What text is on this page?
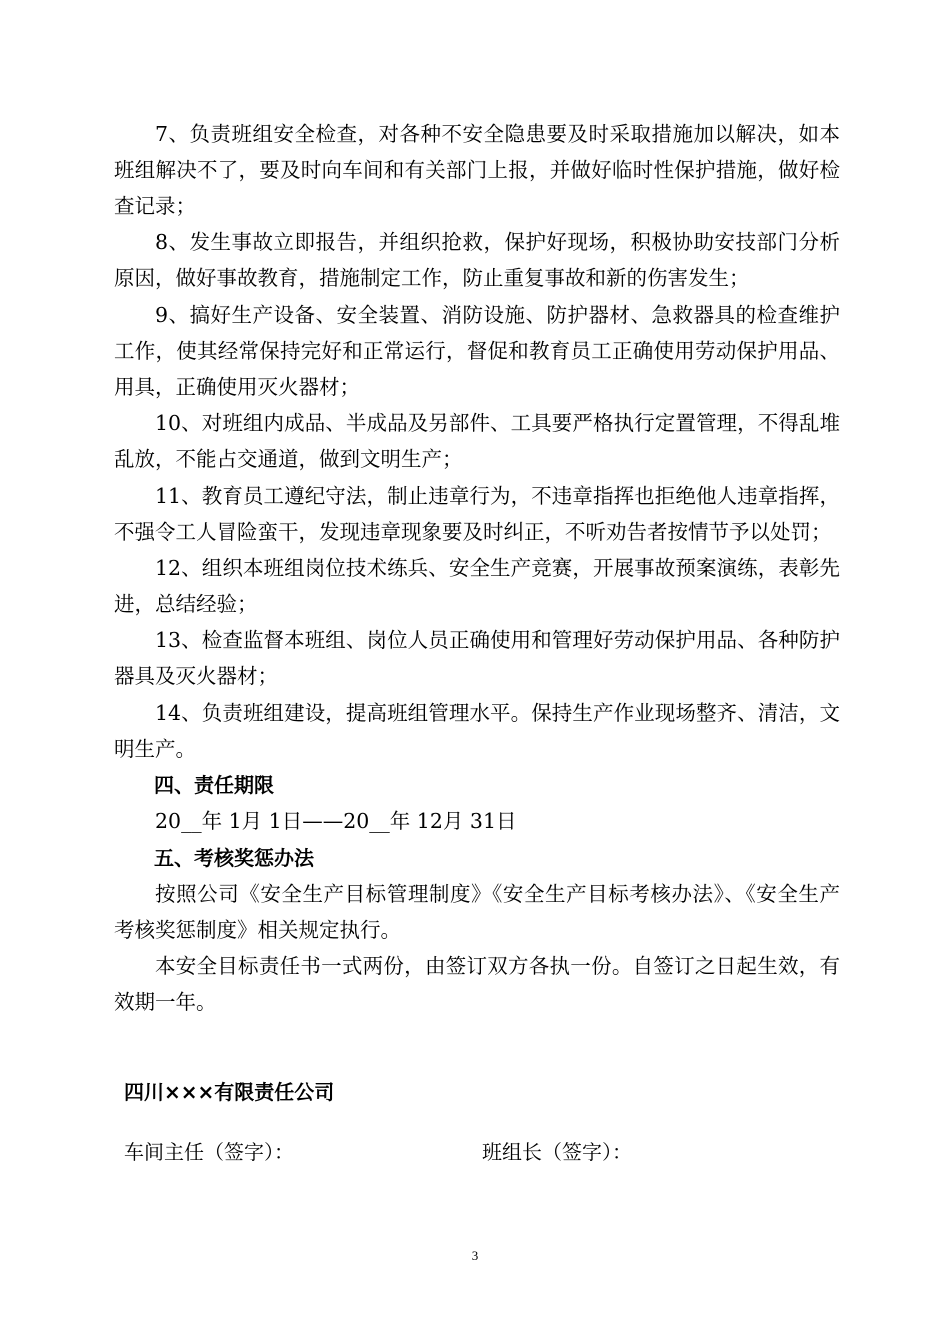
7、负责班组安全检查，对各种不安全隐患要及时采取措施加以解决，如本班组解决不了，要及时向车间和有关部门上报，并做好临时性保护措施，做好检查记录；

8、发生事故立即报告，并组织抢救，保护好现场，积极协助安技部门分析原因，做好事故教育，措施制定工作，防止重复事故和新的伤害发生；

9、搞好生产设备、安全装置、消防设施、防护器材、急救器具的检查维护工作，使其经常保持完好和正常运行，督促和教育员工正确使用劳动保护用品、 用具，正确使用灭火器材；

10、对班组内成品、半成品及另部件、工具要严格执行定置管理，不得乱堆乱放，不能占交通道，做到文明生产；

11、教育员工遵纪守法，制止违章行为，不违章指挥也拒绝他人违章指挥，不强令工人冒险蛮干，发现违章现象要及时纠正，不听劝告者按情节予以处罚；

12、组织本班组岗位技术练兵、安全生产竞赛，开展事故预案演练，表彰先进，总结经验；

13、检查监督本班组、岗位人员正确使用和管理好劳动保护用品、各种防护器具及灭火器材；

14、负责班组建设，提高班组管理水平。保持生产作业现场整齐、清洁，文明生产。

四、责任期限

20__年 1月 1日——20__年 12月 31日

五、考核奖惩办法

按照公司《安全生产目标管理制度》《安全生产目标考核办法》、《安全生产考核奖惩制度》相关规定执行。

本安全目标责任书一式两份，由签订双方各执一份。自签订之日起生效，有效期一年。

四川×××有限责任公司
车间主任（签字）：	班组长（签字）：
3
